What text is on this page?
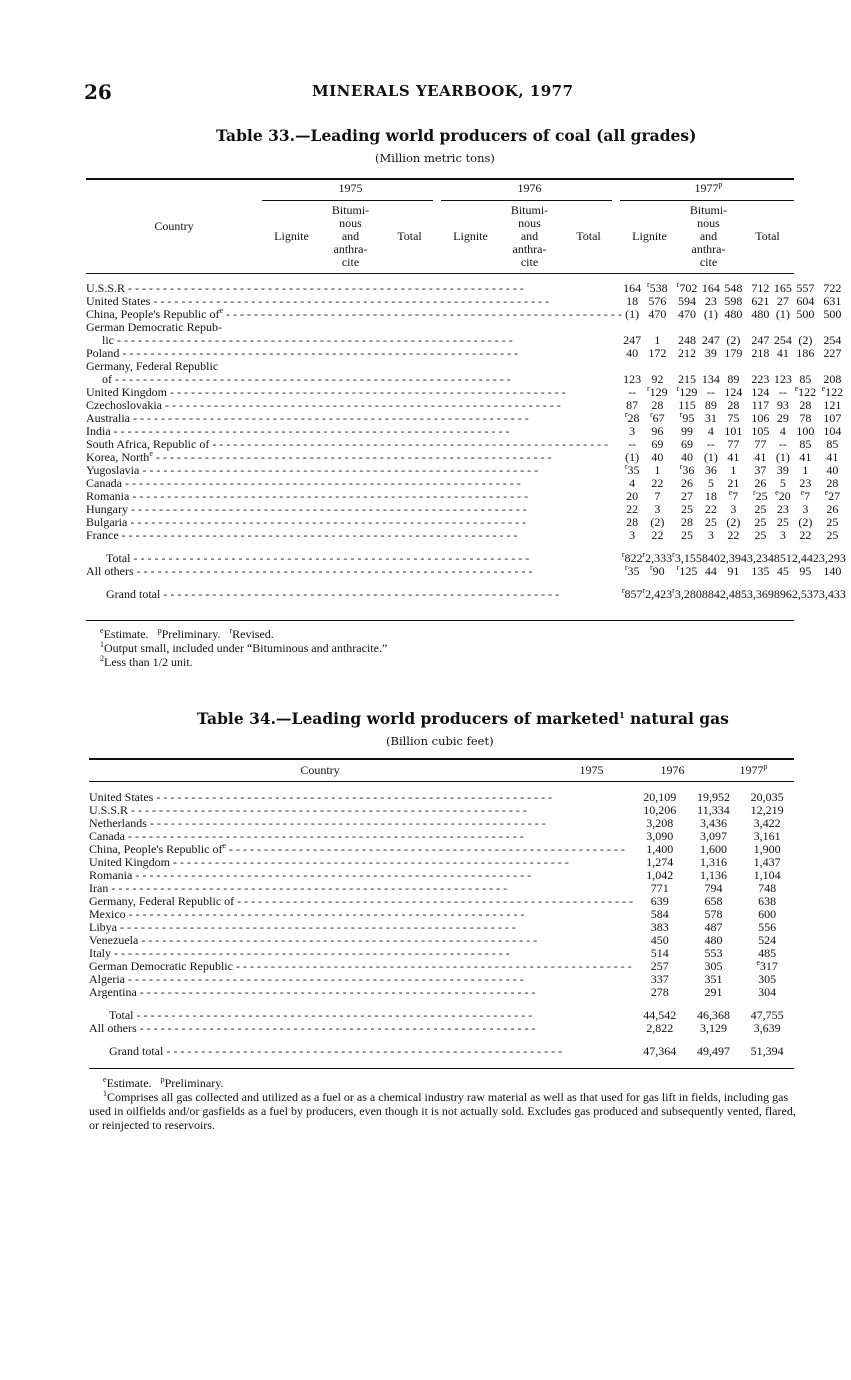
26	MINERALS YEARBOOK, 1977
Table 33.—Leading world producers of coal (all grades)
(Million metric tons)
Country
1975	1976	1977$^p$
Lignite
Bitumi-
nous
and
anthra-
cite
Total	Lignite
Bitumi-
nous
and
anthra-
cite
Total	Lignite
Bitumi-
nous
and
anthra-
cite
Total
U.S.S.R - - - - - - - - - - - - - - - - - - - - - - - - - - - - - - - - - - - - - - - - - - - - - - - - - - - - - - - - -	164	$^r$538	$^r$702	164	548	712	165	557	722
United States - - - - - - - - - - - - - - - - - - - - - - - - - - - - - - - - - - - - - - - - - - - - - - - - - - - - - - - - -	18	576	594	23	598	621	27	604	631
China, People's Republic $of^e$ - - - - - - - - - - - - - - - - - - - - - - - - - - - - - - - - - - - - - - - - - - - - - - - - - - - - - - - - -	(1)	470	470	(1)	480	480	(1)	500	500
German Democratic Repub-									
lic - - - - - - - - - - - - - - - - - - - - - - - - - - - - - - - - - - - - - - - - - - - - - - - - - - - - - - - - -	247	1	248	247	(2)	247	254	(2)	254
Poland - - - - - - - - - - - - - - - - - - - - - - - - - - - - - - - - - - - - - - - - - - - - - - - - - - - - - - - - -	40	172	212	39	179	218	41	186	227
Germany, Federal Republic									
of - - - - - - - - - - - - - - - - - - - - - - - - - - - - - - - - - - - - - - - - - - - - - - - - - - - - - - - - -	123	92	215	134	89	223	123	85	208
United Kingdom - - - - - - - - - - - - - - - - - - - - - - - - - - - - - - - - - - - - - - - - - - - - - - - - - - - - - - - - -	--	$^r$129	$^r$129	--	124	124	--	$^e$122	$^e$122
Czechoslovakia - - - - - - - - - - - - - - - - - - - - - - - - - - - - - - - - - - - - - - - - - - - - - - - - - - - - - - - - -	87	28	115	89	28	117	93	28	121
Australia - - - - - - - - - - - - - - - - - - - - - - - - - - - - - - - - - - - - - - - - - - - - - - - - - - - - - - - - -	$^r$28	$^r$67	$^r$95	31	75	106	29	78	107
India - - - - - - - - - - - - - - - - - - - - - - - - - - - - - - - - - - - - - - - - - - - - - - - - - - - - - - - - -	3	96	99	4	101	105	4	100	104
South Africa, Republic of - - - - - - - - - - - - - - - - - - - - - - - - - - - - - - - - - - - - - - - - - - - - - - - - - - - - - - - - -	--	69	69	--	77	77	--	85	85
Korea, North$^e$ - - - - - - - - - - - - - - - - - - - - - - - - - - - - - - - - - - - - - - - - - - - - - - - - - - - - - - - - -	(1)	40	40	(1)	41	41	(1)	41	41
Yugoslavia - - - - - - - - - - - - - - - - - - - - - - - - - - - - - - - - - - - - - - - - - - - - - - - - - - - - - - - - -	$^r$35	1	$^r$36	36	1	37	39	1	40
Canada - - - - - - - - - - - - - - - - - - - - - - - - - - - - - - - - - - - - - - - - - - - - - - - - - - - - - - - - -	4	22	26	5	21	26	5	23	28
Romania - - - - - - - - - - - - - - - - - - - - - - - - - - - - - - - - - - - - - - - - - - - - - - - - - - - - - - - - -	20	7	27	18	$^e$7	$^r$25	$^e$20	$^e$7	$^e$27
Hungary - - - - - - - - - - - - - - - - - - - - - - - - - - - - - - - - - - - - - - - - - - - - - - - - - - - - - - - - -	22	3	25	22	3	25	23	3	26
Bulgaria - - - - - - - - - - - - - - - - - - - - - - - - - - - - - - - - - - - - - - - - - - - - - - - - - - - - - - - - -	28	(2)	28	25	(2)	25	25	(2)	25
France - - - - - - - - - - - - - - - - - - - - - - - - - - - - - - - - - - - - - - - - - - - - - - - - - - - - - - - - -	3	22	25	3	22	25	3	22	25

Total - - - - - - - - - - - - - - - - - - - - - - - - - - - - - - - - - - - - - - - - - - - - - - - - - - - - - - - - -	$^r$822	$^r$2,333	$^r$3,155	840	2,394	3,234	851	2,442	3,293
All others - - - - - - - - - - - - - - - - - - - - - - - - - - - - - - - - - - - - - - - - - - - - - - - - - - - - - - - - -	$^r$35	$^r$90	$^r$125	44	91	135	45	95	140

Grand total - - - - - - - - - - - - - - - - - - - - - - - - - - - - - - - - - - - - - - - - - - - - - - - - - - - - - - - - -	$^r$857	$^r$2,423	$^r$3,280	884	2,485	3,369	896	2,537	3,433
$^e$Estimate. $^p$Preliminary. $^r$Revised.
$^1$Output small, included under “Bituminous and anthracite.”
$^2$Less than 1/2 unit.
Table 34.—Leading world producers of marketed$^1$ natural gas
(Billion cubic feet)
Country	1975	1976	1977$^p$
United States - - - - - - - - - - - - - - - - - - - - - - - - - - - - - - - - - - - - - - - - - - - - - - - - - - - - - - - - -	20,109	19,952	20,035
U.S.S.R - - - - - - - - - - - - - - - - - - - - - - - - - - - - - - - - - - - - - - - - - - - - - - - - - - - - - - - - -	10,206	11,334	12,219
Netherlands - - - - - - - - - - - - - - - - - - - - - - - - - - - - - - - - - - - - - - - - - - - - - - - - - - - - - - - - -	3,208	3,436	3,422
Canada - - - - - - - - - - - - - - - - - - - - - - - - - - - - - - - - - - - - - - - - - - - - - - - - - - - - - - - - -	3,090	3,097	3,161
China, People's Republic $of^e$ - - - - - - - - - - - - - - - - - - - - - - - - - - - - - - - - - - - - - - - - - - - - - - - - - - - - - - - - -	1,400	1,600	1,900
United Kingdom - - - - - - - - - - - - - - - - - - - - - - - - - - - - - - - - - - - - - - - - - - - - - - - - - - - - - - - - -	1,274	1,316	1,437
Romania - - - - - - - - - - - - - - - - - - - - - - - - - - - - - - - - - - - - - - - - - - - - - - - - - - - - - - - - -	1,042	1,136	1,104
Iran - - - - - - - - - - - - - - - - - - - - - - - - - - - - - - - - - - - - - - - - - - - - - - - - - - - - - - - - -	771	794	748
Germany, Federal Republic of - - - - - - - - - - - - - - - - - - - - - - - - - - - - - - - - - - - - - - - - - - - - - - - - - - - - - - - - -	639	658	638
Mexico - - - - - - - - - - - - - - - - - - - - - - - - - - - - - - - - - - - - - - - - - - - - - - - - - - - - - - - - -	584	578	600
Libya - - - - - - - - - - - - - - - - - - - - - - - - - - - - - - - - - - - - - - - - - - - - - - - - - - - - - - - - -	383	487	556
Venezuela - - - - - - - - - - - - - - - - - - - - - - - - - - - - - - - - - - - - - - - - - - - - - - - - - - - - - - - - -	450	480	524
Italy - - - - - - - - - - - - - - - - - - - - - - - - - - - - - - - - - - - - - - - - - - - - - - - - - - - - - - - - -	514	553	485
German Democratic Republic - - - - - - - - - - - - - - - - - - - - - - - - - - - - - - - - - - - - - - - - - - - - - - - - - - - - - - - - -	257	305	$^e$317
Algeria - - - - - - - - - - - - - - - - - - - - - - - - - - - - - - - - - - - - - - - - - - - - - - - - - - - - - - - - -	337	351	305
Argentina - - - - - - - - - - - - - - - - - - - - - - - - - - - - - - - - - - - - - - - - - - - - - - - - - - - - - - - - -	278	291	304

Total - - - - - - - - - - - - - - - - - - - - - - - - - - - - - - - - - - - - - - - - - - - - - - - - - - - - - - - - -	44,542	46,368	47,755
All others - - - - - - - - - - - - - - - - - - - - - - - - - - - - - - - - - - - - - - - - - - - - - - - - - - - - - - - - -	2,822	3,129	3,639

Grand total - - - - - - - - - - - - - - - - - - - - - - - - - - - - - - - - - - - - - - - - - - - - - - - - - - - - - - - - -	47,364	49,497	51,394
$^e$Estimate. $^p$Preliminary.
$^1$Comprises all gas collected and utilized as a fuel or as a chemical industry raw material as well as that used for gas lift in fields, including gas used in oilfields and/or gasfields as a fuel by producers, even though it is not actually sold. Excludes gas produced and subsequently vented, flared, or reinjected to reservoirs.
